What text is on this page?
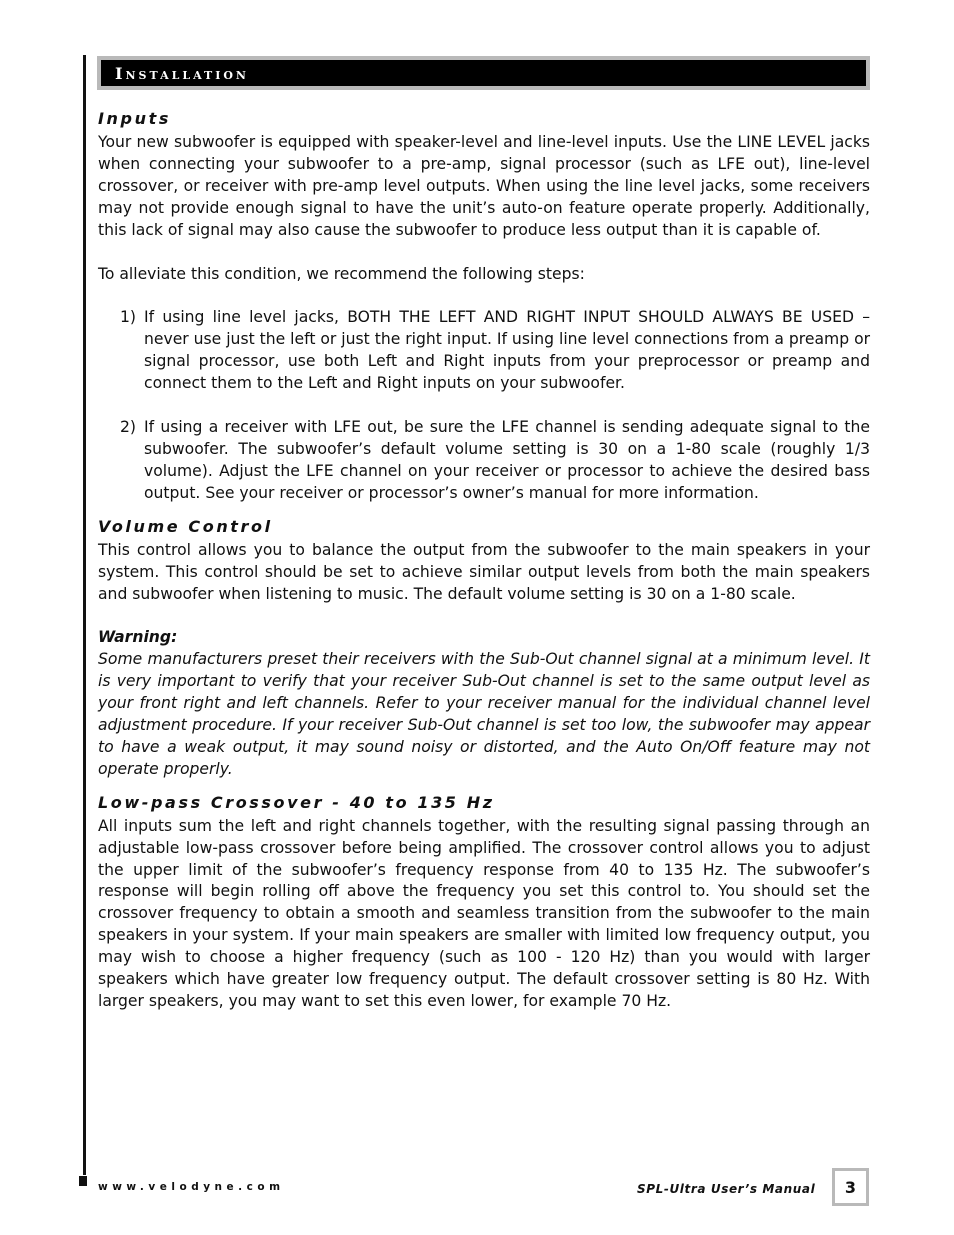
Installation
Inputs

Your new subwoofer is equipped with speaker-level and line-level inputs. Use the LINE LEVEL jacks when connecting your subwoofer to a pre-amp, signal processor (such as LFE out), line-level crossover, or receiver with pre-amp level outputs. When using the line level jacks, some receivers may not provide enough signal to have the unit’s auto-on feature operate properly. Additionally, this lack of signal may also cause the subwoofer to produce less output than it is capable of.

To alleviate this condition, we recommend the following steps:

1) If using line level jacks, BOTH THE LEFT AND RIGHT INPUT SHOULD ALWAYS BE USED – never use just the left or just the right input. If using line level connections from a preamp or signal processor, use both Left and Right inputs from your preprocessor or preamp and connect them to the Left and Right inputs on your subwoofer.
2) If using a receiver with LFE out, be sure the LFE channel is sending adequate signal to the subwoofer. The subwoofer’s default volume setting is 30 on a 1-80 scale (roughly 1/3 volume). Adjust the LFE channel on your receiver or processor to achieve the desired bass output. See your receiver or processor’s owner’s manual for more information.
Volume Control

This control allows you to balance the output from the subwoofer to the main speakers in your system. This control should be set to achieve similar output levels from both the main speakers and subwoofer when listening to music. The default volume setting is 30 on a 1-80 scale.

Warning:

Some manufacturers preset their receivers with the Sub-Out channel signal at a minimum level. It is very important to verify that your receiver Sub-Out channel is set to the same output level as your front right and left channels. Refer to your receiver manual for the individual channel level adjustment procedure. If your receiver Sub-Out channel is set too low, the subwoofer may appear to have a weak output, it may sound noisy or distorted, and the Auto On/Off feature may not operate properly.

Low-pass Crossover - 40 to 135 Hz

All inputs sum the left and right channels together, with the resulting signal passing through an adjustable low-pass crossover before being amplified. The crossover control allows you to adjust the upper limit of the subwoofer’s frequency response from 40 to 135 Hz. The subwoofer’s response will begin rolling off above the frequency you set this control to. You should set the crossover frequency to obtain a smooth and seamless transition from the subwoofer to the main speakers in your system. If your main speakers are smaller with limited low frequency output, you may wish to choose a higher frequency (such as 100 - 120 Hz) than you would with larger speakers which have greater low frequency output. The default crossover setting is 80 Hz. With larger speakers, you may want to set this even lower, for example 70 Hz.

www.velodyne.com	SPL-Ultra User’s Manual	3
